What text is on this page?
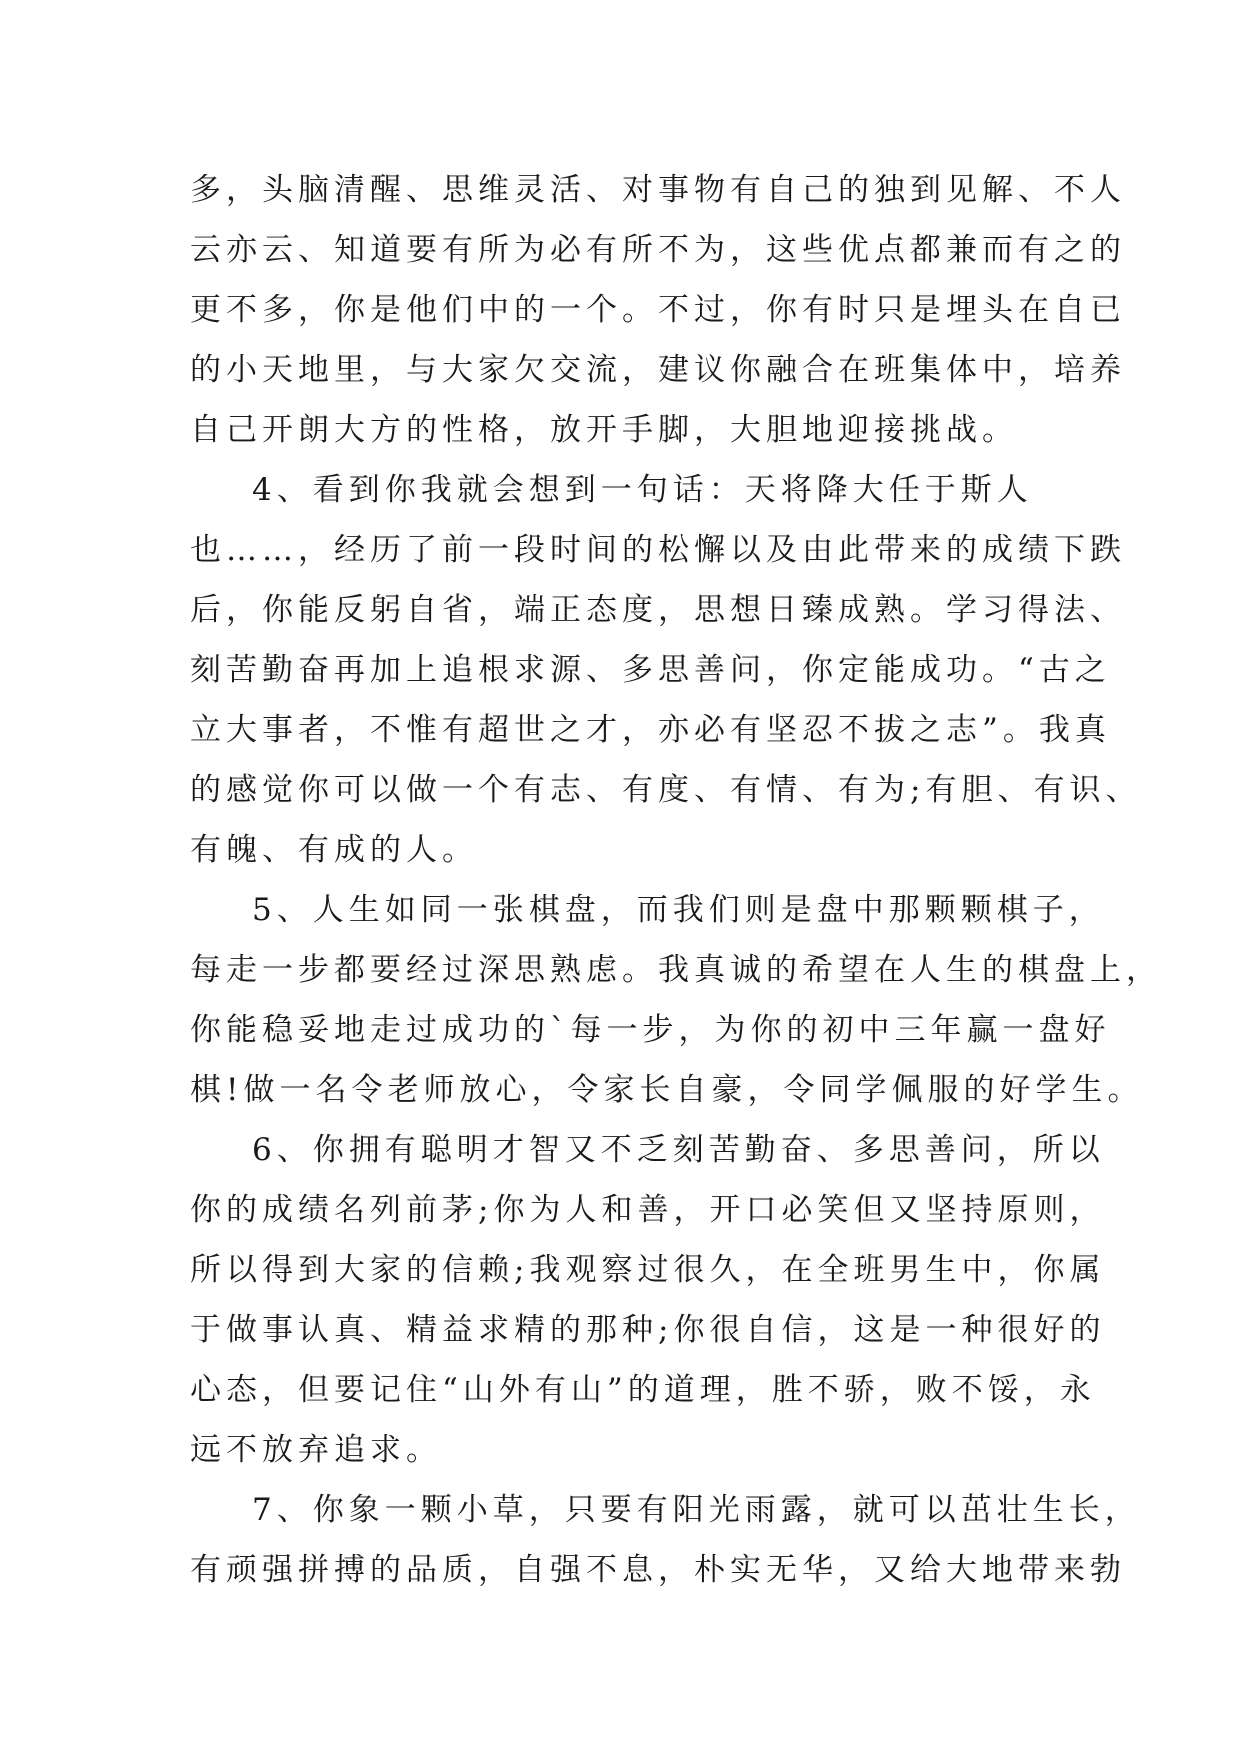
多，头脑清醒、思维灵活、对事物有自己的独到见解、不人
云亦云、知道要有所为必有所不为，这些优点都兼而有之的
更不多，你是他们中的一个。不过，你有时只是埋头在自已
的小天地里，与大家欠交流，建议你融合在班集体中，培养
自己开朗大方的性格，放开手脚，大胆地迎接挑战。
4、看到你我就会想到一句话：天将降大任于斯人
也……，经历了前一段时间的松懈以及由此带来的成绩下跌
后，你能反躬自省，端正态度，思想日臻成熟。学习得法、
刻苦勤奋再加上追根求源、多思善问，你定能成功。“古之
立大事者，不惟有超世之才，亦必有坚忍不拔之志”。我真
的感觉你可以做一个有志、有度、有情、有为;有胆、有识、
有魄、有成的人。
5、人生如同一张棋盘，而我们则是盘中那颗颗棋子，
每走一步都要经过深思熟虑。我真诚的希望在人生的棋盘上，
你能稳妥地走过成功的`每一步，为你的初中三年赢一盘好
棋!做一名令老师放心，令家长自豪，令同学佩服的好学生。
6、你拥有聪明才智又不乏刻苦勤奋、多思善问，所以
你的成绩名列前茅;你为人和善，开口必笑但又坚持原则，
所以得到大家的信赖;我观察过很久，在全班男生中，你属
于做事认真、精益求精的那种;你很自信，这是一种很好的
心态，但要记住“山外有山”的道理，胜不骄，败不馁，永
远不放弃追求。
7、你象一颗小草，只要有阳光雨露，就可以茁壮生长，
有顽强拼搏的品质，自强不息，朴实无华，又给大地带来勃
